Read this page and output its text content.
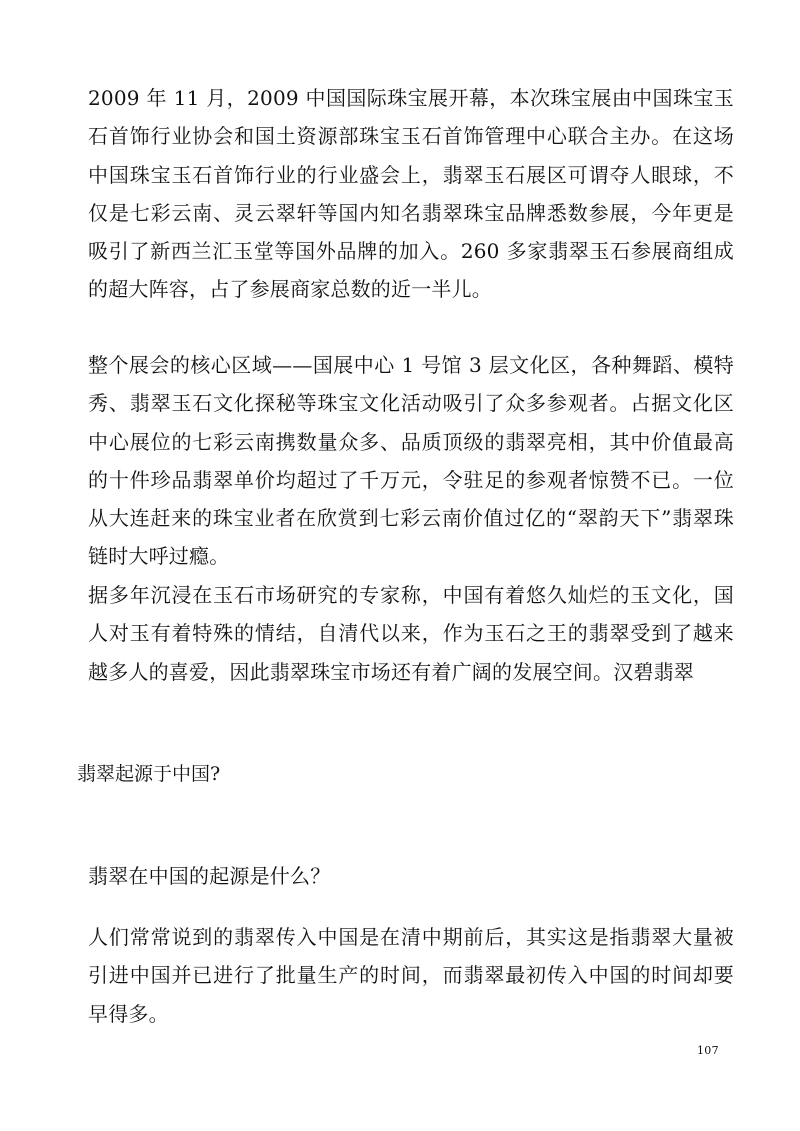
2009 年 11 月，2009 中国国际珠宝展开幕，本次珠宝展由中国珠宝玉石首饰行业协会和国土资源部珠宝玉石首饰管理中心联合主办。在这场中国珠宝玉石首饰行业的行业盛会上，翡翠玉石展区可谓夺人眼球，不仅是七彩云南、灵云翠轩等国内知名翡翠珠宝品牌悉数参展，今年更是吸引了新西兰汇玉堂等国外品牌的加入。260 多家翡翠玉石参展商组成的超大阵容，占了参展商家总数的近一半儿。

整个展会的核心区域——国展中心 1 号馆 3 层文化区，各种舞蹈、模特秀、翡翠玉石文化探秘等珠宝文化活动吸引了众多参观者。占据文化区中心展位的七彩云南携数量众多、品质顶级的翡翠亮相，其中价值最高的十件珍品翡翠单价均超过了千万元，令驻足的参观者惊赞不已。一位从大连赶来的珠宝业者在欣赏到七彩云南价值过亿的“翠韵天下”翡翠珠链时大呼过瘾。

据多年沉浸在玉石市场研究的专家称，中国有着悠久灿烂的玉文化，国人对玉有着特殊的情结，自清代以来，作为玉石之王的翡翠受到了越来越多人的喜爱，因此翡翠珠宝市场还有着广阔的发展空间。汉碧翡翠

翡翠起源于中国?

翡翠在中国的起源是什么？

人们常常说到的翡翠传入中国是在清中期前后，其实这是指翡翠大量被引进中国并已进行了批量生产的时间，而翡翠最初传入中国的时间却要早得多。

107
